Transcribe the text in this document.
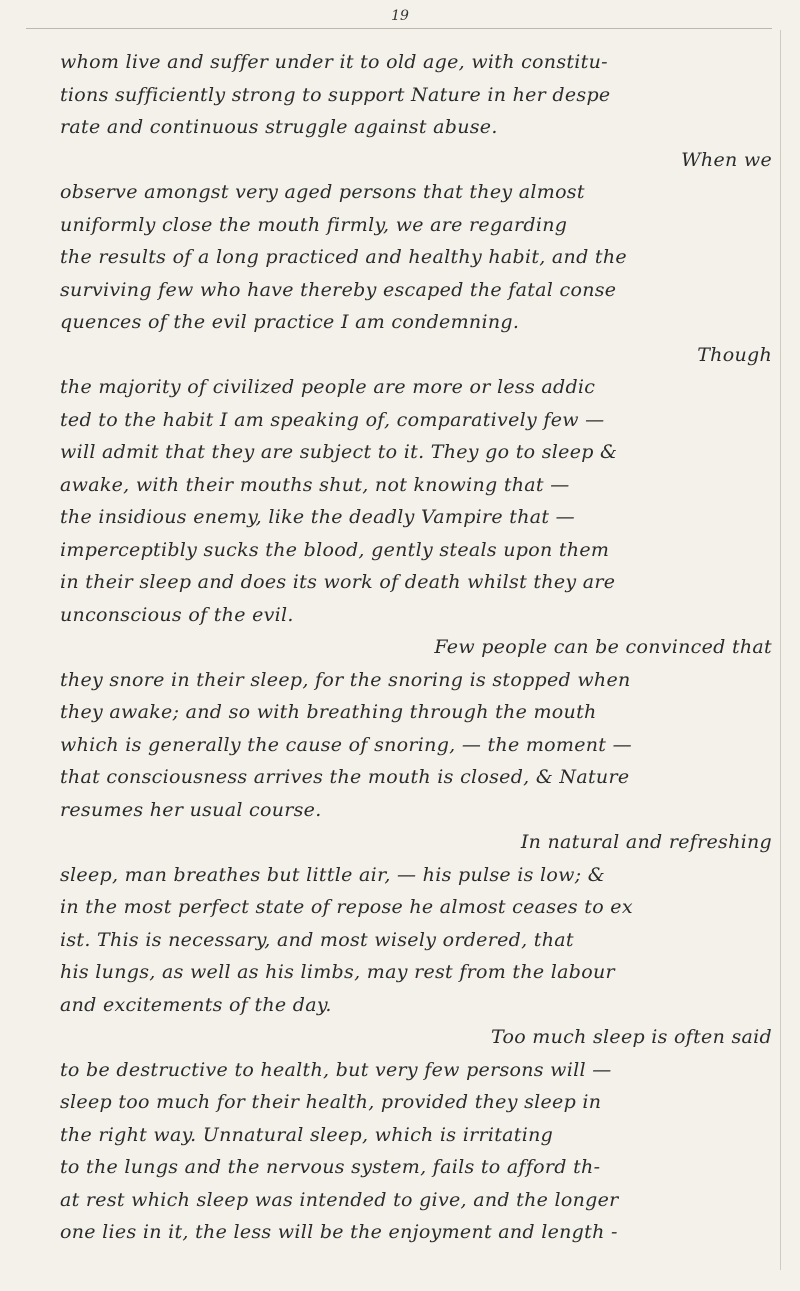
19
whom live and suffer under it to old age, with constitu-
tions sufficiently strong to support Nature in her despe
rate and continuous struggle against abuse.
When we
observe amongst very aged persons that they almost
uniformly close the mouth firmly, we are regarding
the results of a long practiced and healthy habit, and the
surviving few who have thereby escaped the fatal conse
quences of the evil practice I am condemning.
Though
the majority of civilized people are more or less addic
ted to the habit I am speaking of, comparatively few —
will admit that they are subject to it. They go to sleep &
awake, with their mouths shut, not knowing that —
the insidious enemy, like the deadly Vampire that —
imperceptibly sucks the blood, gently steals upon them
in their sleep and does its work of death whilst they are
unconscious of the evil.
Few people can be convinced that
they snore in their sleep, for the snoring is stopped when
they awake; and so with breathing through the mouth
which is generally the cause of snoring, — the moment —
that consciousness arrives the mouth is closed, & Nature
resumes her usual course.
In natural and refreshing
sleep, man breathes but little air, — his pulse is low; &
in the most perfect state of repose he almost ceases to ex
ist. This is necessary, and most wisely ordered, that
his lungs, as well as his limbs, may rest from the labour
and excitements of the day.
Too much sleep is often said
to be destructive to health, but very few persons will —
sleep too much for their health, provided they sleep in
the right way. Unnatural sleep, which is irritating
to the lungs and the nervous system, fails to afford th-
at rest which sleep was intended to give, and the longer
one lies in it, the less will be the enjoyment and length -
